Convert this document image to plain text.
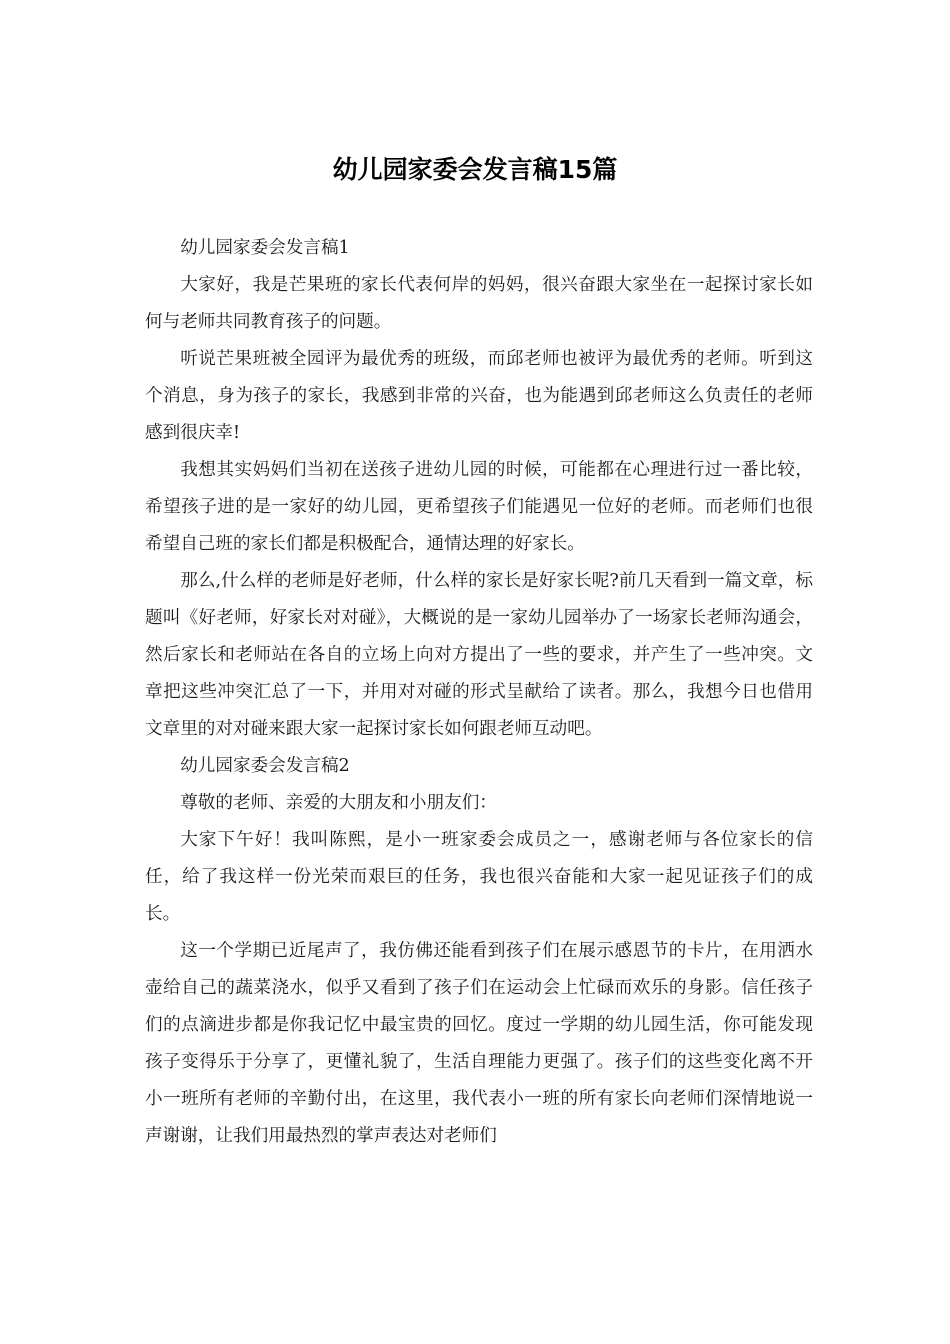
幼儿园家委会发言稿15篇

幼儿园家委会发言稿1

大家好，我是芒果班的家长代表何岸的妈妈，很兴奋跟大家坐在一起探讨家长如何与老师共同教育孩子的问题。

听说芒果班被全园评为最优秀的班级，而邱老师也被评为最优秀的老师。听到这个消息，身为孩子的家长，我感到非常的兴奋，也为能遇到邱老师这么负责任的老师感到很庆幸!

我想其实妈妈们当初在送孩子进幼儿园的时候，可能都在心理进行过一番比较，希望孩子进的是一家好的幼儿园，更希望孩子们能遇见一位好的老师。而老师们也很希望自己班的家长们都是积极配合，通情达理的好家长。

那么,什么样的老师是好老师，什么样的家长是好家长呢?前几天看到一篇文章，标题叫《好老师，好家长对对碰》，大概说的是一家幼儿园举办了一场家长老师沟通会，然后家长和老师站在各自的立场上向对方提出了一些的要求，并产生了一些冲突。文章把这些冲突汇总了一下，并用对对碰的形式呈献给了读者。那么，我想今日也借用文章里的对对碰来跟大家一起探讨家长如何跟老师互动吧。

幼儿园家委会发言稿2

尊敬的老师、亲爱的大朋友和小朋友们：

大家下午好！我叫陈熙，是小一班家委会成员之一，感谢老师与各位家长的信任，给了我这样一份光荣而艰巨的任务，我也很兴奋能和大家一起见证孩子们的成长。

这一个学期已近尾声了，我仿佛还能看到孩子们在展示感恩节的卡片，在用洒水壶给自己的蔬菜浇水，似乎又看到了孩子们在运动会上忙碌而欢乐的身影。信任孩子们的点滴进步都是你我记忆中最宝贵的回忆。度过一学期的幼儿园生活，你可能发现孩子变得乐于分享了，更懂礼貌了，生活自理能力更强了。孩子们的这些变化离不开小一班所有老师的辛勤付出，在这里，我代表小一班的所有家长向老师们深情地说一声谢谢，让我们用最热烈的掌声表达对老师们
